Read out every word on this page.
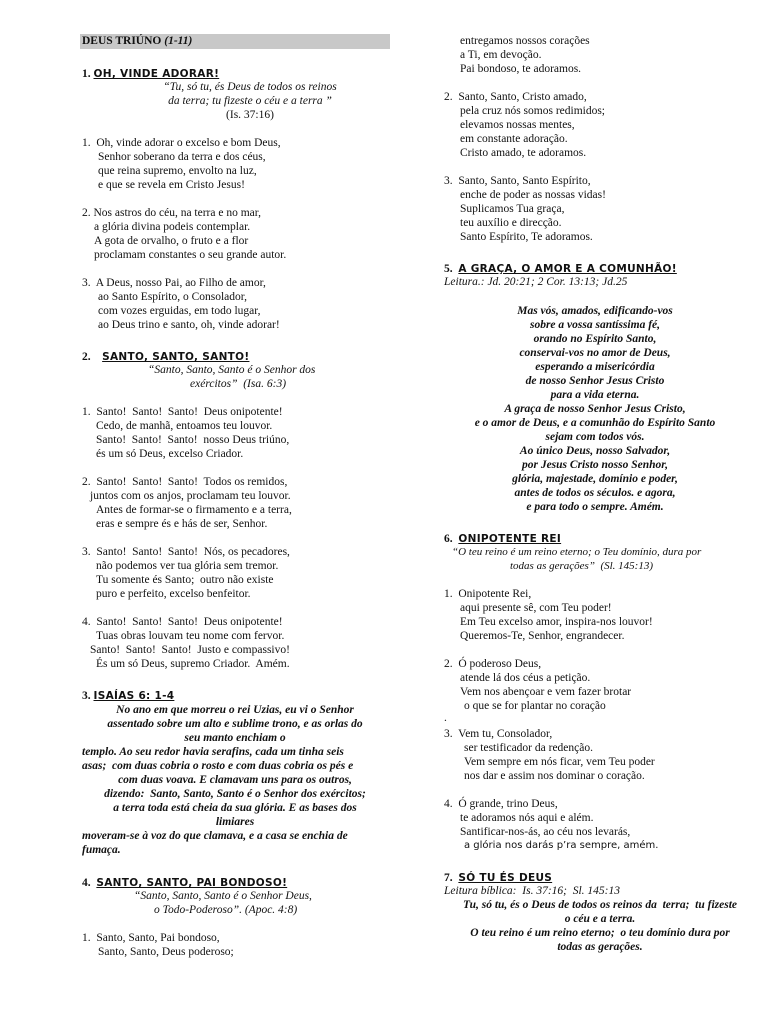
DEUS TRIÚNO (1-11)
1. OH, VINDE ADORAR!
“Tu, só tu, és Deus de todos os reinos
da terra; tu fizeste o céu e a terra ”
(Is. 37:16)
1.  Oh, vinde adorar o excelso e bom Deus,
Senhor soberano da terra e dos céus,
que reina supremo, envolto na luz,
e que se revela em Cristo Jesus!
2. Nos astros do céu, na terra e no mar,
a glória divina podeis contemplar.
A gota de orvalho, o fruto e a flor
proclamam constantes o seu grande autor.
3.  A Deus, nosso Pai, ao Filho de amor,
ao Santo Espírito, o Consolador,
com vozes erguidas, em todo lugar,
ao Deus trino e santo, oh, vinde adorar!
2. SANTO, SANTO, SANTO!
“Santo, Santo, Santo é o Senhor dos
exércitos”  (Isa. 6:3)
1.  Santo!  Santo!  Santo!  Deus onipotente!
Cedo, de manhã, entoamos teu louvor.
Santo!  Santo!  Santo!  nosso Deus triúno,
és um só Deus, excelso Criador.
2.  Santo!  Santo!  Santo!  Todos os remidos,
juntos com os anjos, proclamam teu louvor.
Antes de formar-se o firmamento e a terra,
eras e sempre és e hás de ser, Senhor.
3.  Santo!  Santo!  Santo!  Nós, os pecadores,
não podemos ver tua glória sem tremor.
Tu somente és Santo;  outro não existe
puro e perfeito, excelso benfeitor.
4.  Santo!  Santo!  Santo!  Deus onipotente!
Tuas obras louvam teu nome com fervor.
Santo!  Santo!  Santo!  Justo e compassivo!
És um só Deus, supremo Criador.  Amém.
3. ISAÍAS 6: 1-4
No ano em que morreu o rei Uzias, eu vi o Senhor
assentado sobre um alto e sublime trono, e as orlas do
seu manto enchiam o
templo. Ao seu redor havia serafins, cada um tinha seis
asas;  com duas cobria o rosto e com duas cobria os pés e
com duas voava. E clamavam uns para os outros,
dizendo:  Santo, Santo, Santo é o Senhor dos exércitos;
a terra toda está cheia da sua glória. E as bases dos
limiares
moveram-se à voz do que clamava, e a casa se enchia de
fumaça.
4. SANTO, SANTO, PAI BONDOSO!
“Santo, Santo, Santo é o Senhor Deus,
o Todo-Poderoso”. (Apoc. 4:8)
1.  Santo, Santo, Pai bondoso,
Santo, Santo, Deus poderoso;
entregamos nossos corações
a Ti, em devoção.
Pai bondoso, te adoramos.
2.  Santo, Santo, Cristo amado,
pela cruz nós somos redimidos;
elevamos nossas mentes,
em constante adoração.
Cristo amado, te adoramos.
3.  Santo, Santo, Santo Espírito,
enche de poder as nossas vidas!
Suplicamos Tua graça,
teu auxílio e direcção.
Santo Espírito, Te adoramos.
5. A GRAÇA, O AMOR E A COMUNHÃO!
Leitura.: Jd. 20:21; 2 Cor. 13:13; Jd.25
Mas vós, amados, edificando-vos
sobre a vossa santíssima fé,
orando no Espírito Santo,
conservai-vos no amor de Deus,
esperando a misericórdia
de nosso Senhor Jesus Cristo
para a vida eterna.
A graça de nosso Senhor Jesus Cristo,
e o amor de Deus, e a comunhão do Espírito Santo
sejam com todos vós.
Ao único Deus, nosso Salvador,
por Jesus Cristo nosso Senhor,
glória, majestade, domínio e poder,
antes de todos os séculos. e agora,
e para todo o sempre. Amém.
6. ONIPOTENTE REI
“O teu reino é um reino eterno; o Teu domínio, dura por
todas as gerações”  (Sl. 145:13)
1.  Onipotente Rei,
aqui presente sê, com Teu poder!
Em Teu excelso amor, inspira-nos louvor!
Queremos-Te, Senhor, engrandecer.
2.  Ó poderoso Deus,
atende lá dos céus a petição.
Vem nos abençoar e vem fazer brotar
o que se for plantar no coração
.
3.  Vem tu, Consolador,
ser testificador da redenção.
Vem sempre em nós ficar, vem Teu poder
nos dar e assim nos dominar o coração.
4.  Ó grande, trino Deus,
te adoramos nós aqui e além.
Santificar-nos-ás, ao céu nos levarás,
a glória nos darás p’ra sempre, amém.
7. SÓ TU ÉS DEUS
Leitura bíblica:  Is. 37:16;  Sl. 145:13
Tu, só tu, és o Deus de todos os reinos da  terra;  tu fizeste
o céu e a terra.
O teu reino é um reino eterno;  o teu domínio dura por
todas as gerações.
